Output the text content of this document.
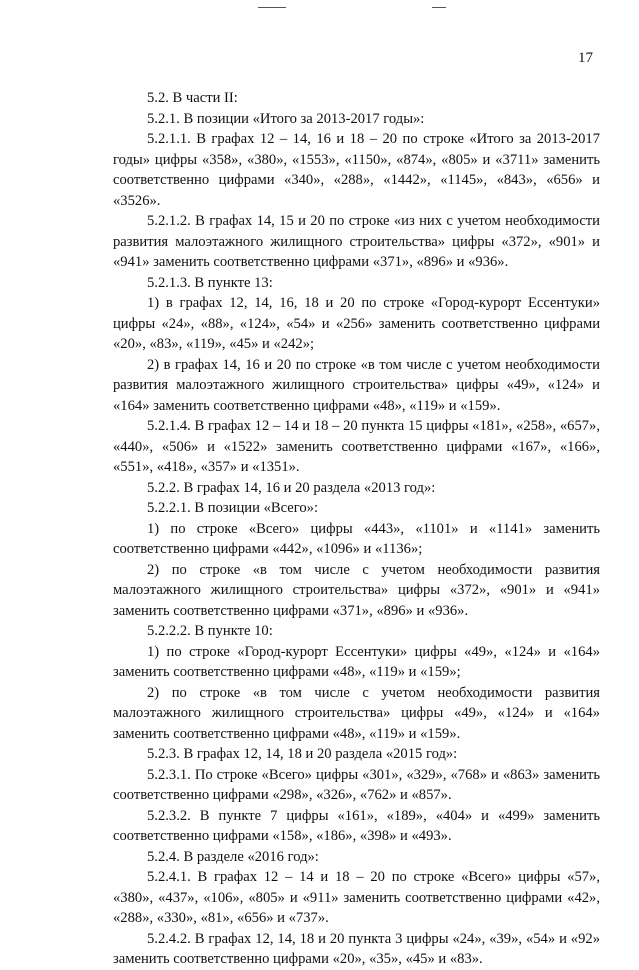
17

5.2. В части II:

5.2.1. В позиции «Итого за 2013-2017 годы»:

5.2.1.1. В графах 12 – 14, 16 и 18 – 20 по строке «Итого за 2013-2017 годы» цифры «358», «380», «1553», «1150», «874», «805» и «3711» заменить соответственно цифрами «340», «288», «1442», «1145», «843», «656» и «3526».

5.2.1.2. В графах 14, 15 и 20 по строке «из них с учетом необходимости развития малоэтажного жилищного строительства» цифры «372», «901» и «941» заменить соответственно цифрами «371», «896» и «936».

5.2.1.3. В пункте 13:

1) в графах 12, 14, 16, 18 и 20 по строке «Город-курорт Ессентуки» цифры «24», «88», «124», «54» и «256» заменить соответственно цифрами «20», «83», «119», «45» и «242»;

2) в графах 14, 16 и 20 по строке «в том числе с учетом необходимости развития малоэтажного жилищного строительства» цифры «49», «124» и «164» заменить соответственно цифрами «48», «119» и «159».

5.2.1.4. В графах 12 – 14 и 18 – 20 пункта 15 цифры «181», «258», «657», «440», «506» и «1522» заменить соответственно цифрами «167», «166», «551», «418», «357» и «1351».

5.2.2. В графах 14, 16 и 20 раздела «2013 год»:

5.2.2.1. В позиции «Всего»:

1) по строке «Всего» цифры «443», «1101» и «1141» заменить соответственно цифрами «442», «1096» и «1136»;

2) по строке «в том числе с учетом необходимости развития малоэтажного жилищного строительства» цифры «372», «901» и «941» заменить соответственно цифрами «371», «896» и «936».

5.2.2.2. В пункте 10:

1) по строке «Город-курорт Ессентуки» цифры «49», «124» и «164» заменить соответственно цифрами «48», «119» и «159»;

2) по строке «в том числе с учетом необходимости развития малоэтажного жилищного строительства» цифры «49», «124» и «164» заменить соответственно цифрами «48», «119» и «159».

5.2.3. В графах 12, 14, 18 и 20 раздела «2015 год»:

5.2.3.1. По строке «Всего» цифры «301», «329», «768» и «863» заменить соответственно цифрами «298», «326», «762» и «857».

5.2.3.2. В пункте 7 цифры «161», «189», «404» и «499» заменить соответственно цифрами «158», «186», «398» и «493».

5.2.4. В разделе «2016 год»:

5.2.4.1. В графах 12 – 14 и 18 – 20 по строке «Всего» цифры «57», «380», «437», «106», «805» и «911» заменить соответственно цифрами «42», «288», «330», «81», «656» и «737».

5.2.4.2. В графах 12, 14, 18 и 20 пункта 3 цифры «24», «39», «54» и «92» заменить соответственно цифрами «20», «35», «45» и «83».
